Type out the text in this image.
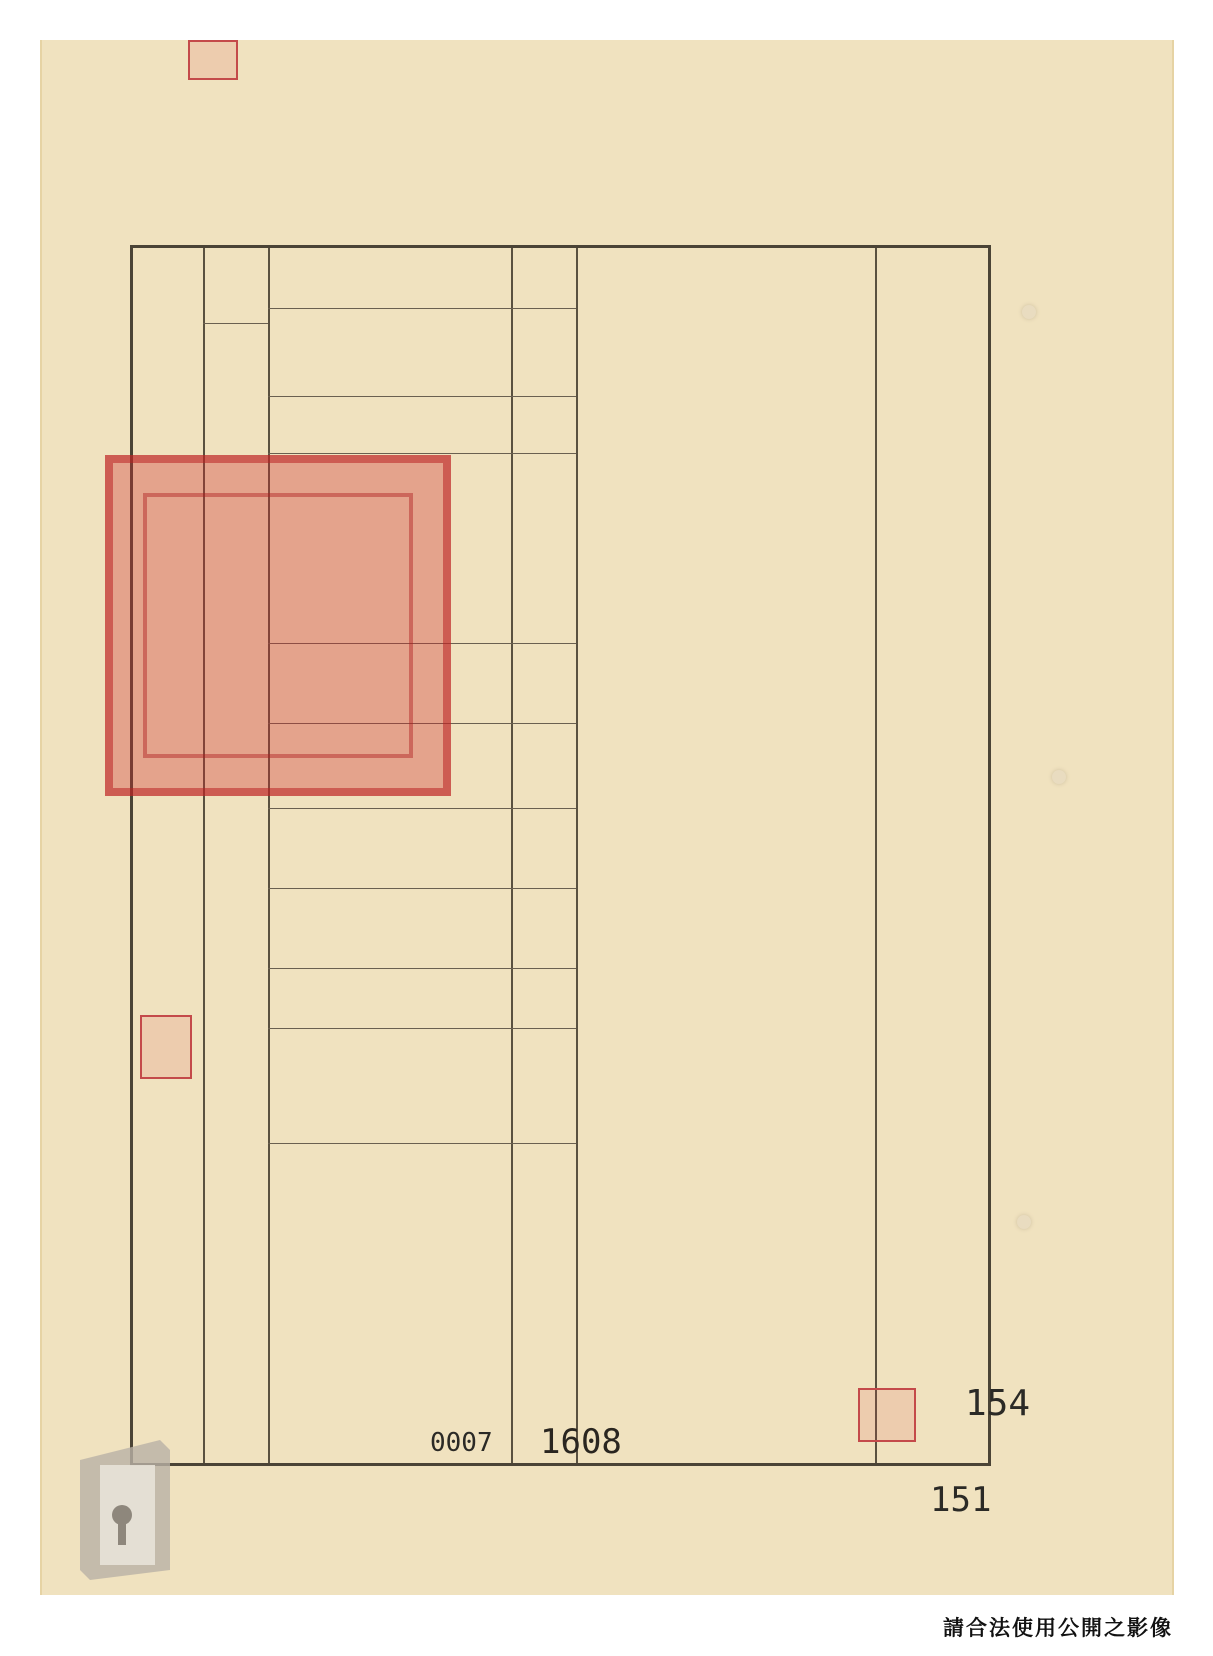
0007 1608
154
151
請合法使用公開之影像
